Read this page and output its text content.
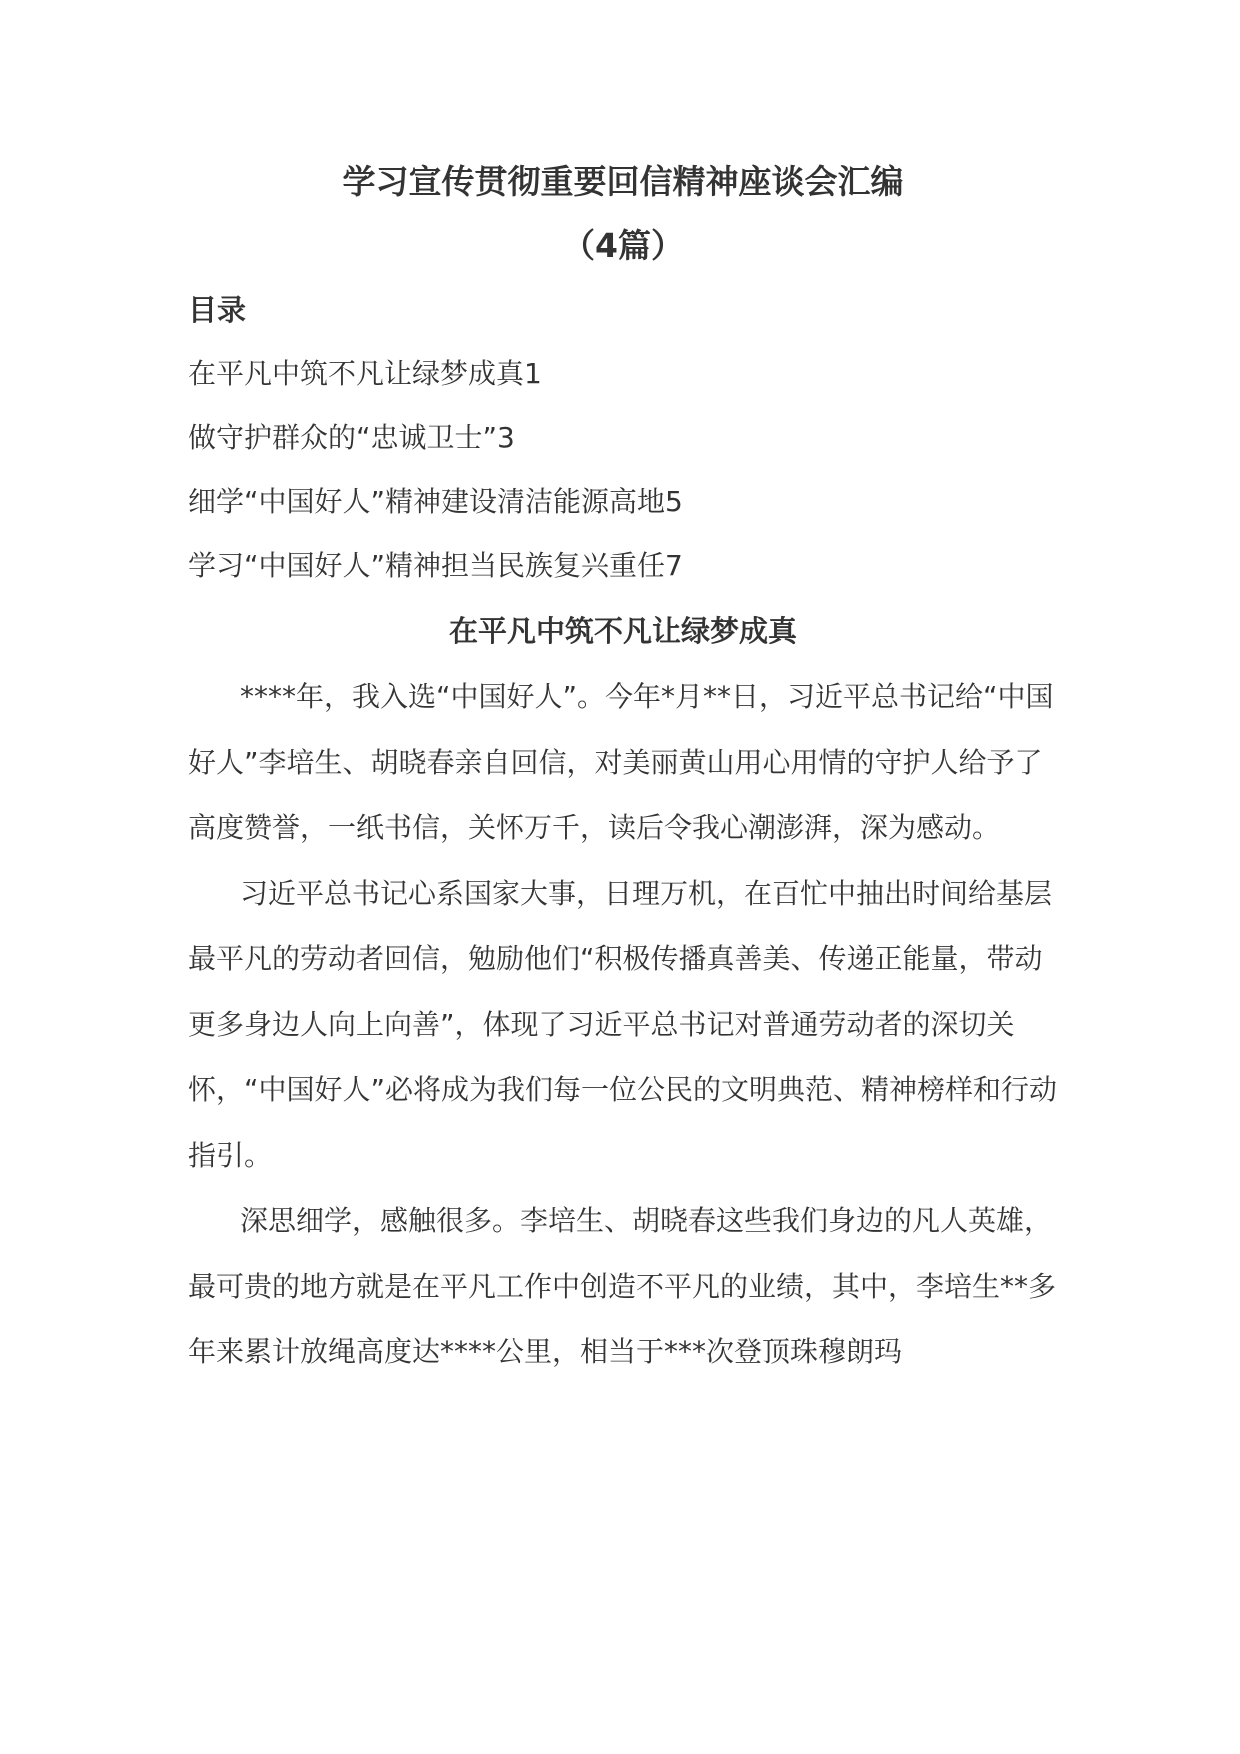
学习宣传贯彻重要回信精神座谈会汇编
（4篇）
目录
在平凡中筑不凡让绿梦成真1
做守护群众的“忠诚卫士”3
细学“中国好人”精神建设清洁能源高地5
学习“中国好人”精神担当民族复兴重任7
在平凡中筑不凡让绿梦成真

****年，我入选“中国好人”。今年*月**日，习近平总书记给“中国好人”李培生、胡晓春亲自回信，对美丽黄山用心用情的守护人给予了高度赞誉，一纸书信，关怀万千，读后令我心潮澎湃，深为感动。

习近平总书记心系国家大事，日理万机，在百忙中抽出时间给基层最平凡的劳动者回信，勉励他们“积极传播真善美、传递正能量，带动更多身边人向上向善”，体现了习近平总书记对普通劳动者的深切关怀，“中国好人”必将成为我们每一位公民的文明典范、精神榜样和行动指引。

深思细学，感触很多。李培生、胡晓春这些我们身边的凡人英雄，最可贵的地方就是在平凡工作中创造不平凡的业绩，其中，李培生**多年来累计放绳高度达****公里，相当于***次登顶珠穆朗玛
